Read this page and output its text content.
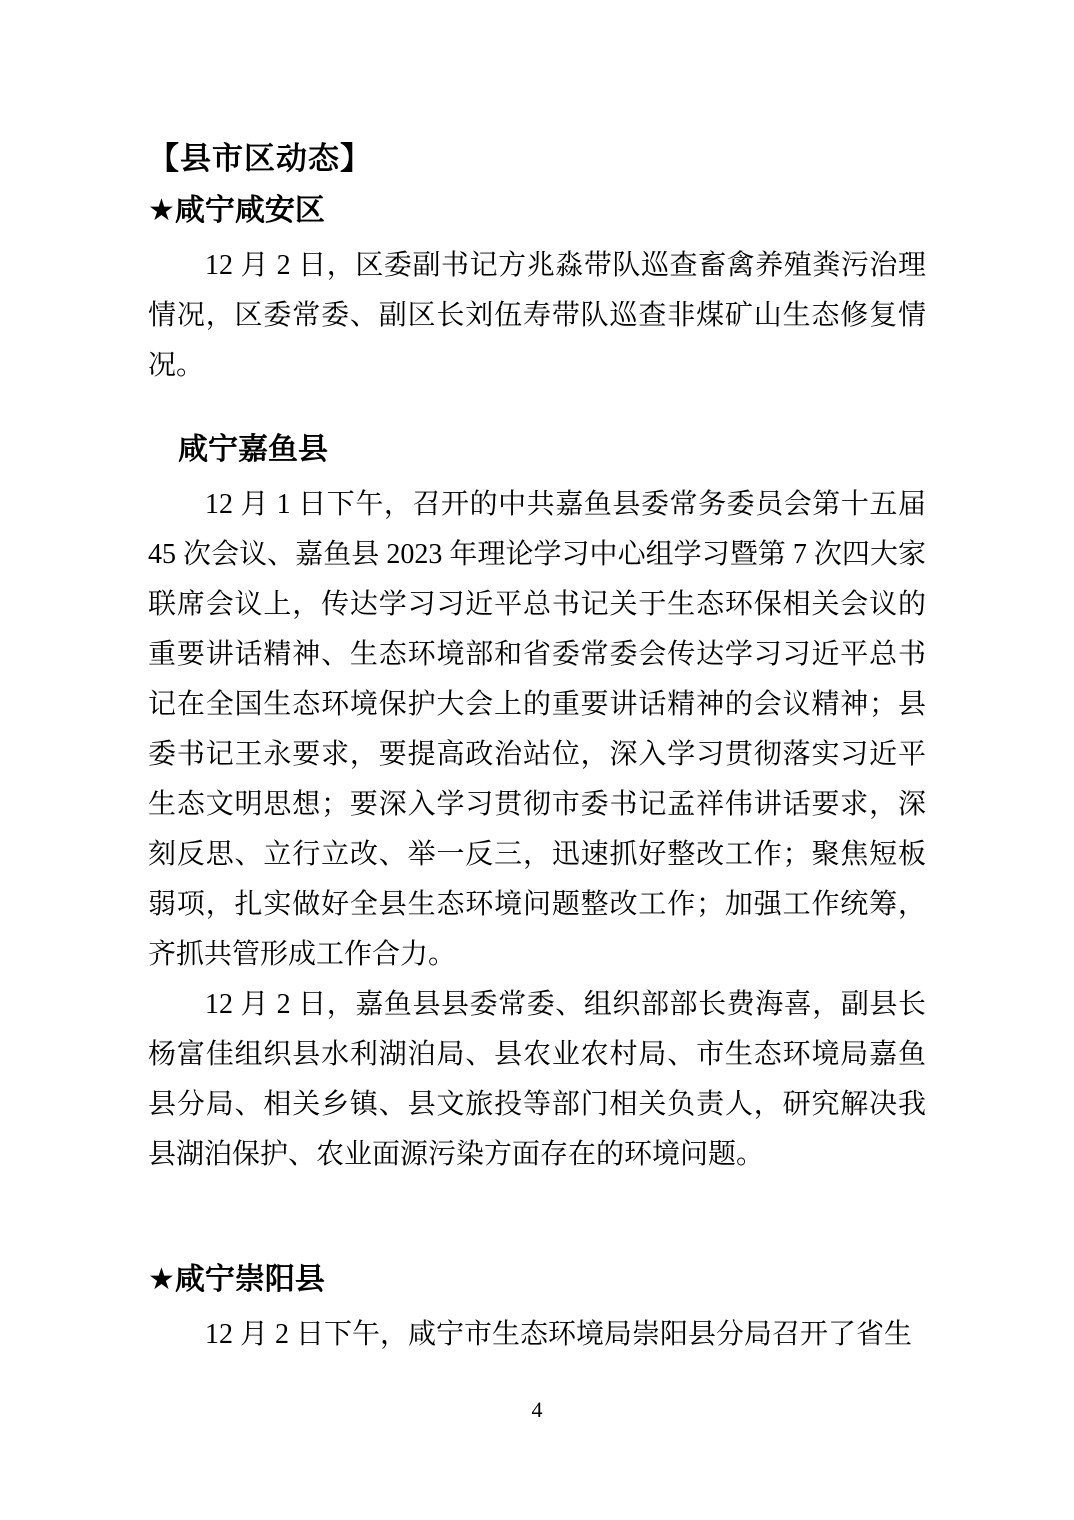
【县市区动态】
★咸宁咸安区

12 月 2 日，区委副书记方兆淼带队巡查畜禽养殖粪污治理情况，区委常委、副区长刘伍寿带队巡查非煤矿山生态修复情况。

咸宁嘉鱼县

12 月 1 日下午，召开的中共嘉鱼县委常务委员会第十五届 45 次会议、嘉鱼县 2023 年理论学习中心组学习暨第 7 次四大家联席会议上，传达学习习近平总书记关于生态环保相关会议的重要讲话精神、生态环境部和省委常委会传达学习习近平总书记在全国生态环境保护大会上的重要讲话精神的会议精神；县委书记王永要求，要提高政治站位，深入学习贯彻落实习近平生态文明思想；要深入学习贯彻市委书记孟祥伟讲话要求，深刻反思、立行立改、举一反三，迅速抓好整改工作；聚焦短板弱项，扎实做好全县生态环境问题整改工作；加强工作统筹，齐抓共管形成工作合力。

12 月 2 日，嘉鱼县县委常委、组织部部长费海喜，副县长杨富佳组织县水利湖泊局、县农业农村局、市生态环境局嘉鱼县分局、相关乡镇、县文旅投等部门相关负责人，研究解决我县湖泊保护、农业面源污染方面存在的环境问题。

★咸宁崇阳县

12 月 2 日下午，咸宁市生态环境局崇阳县分局召开了省生

4
